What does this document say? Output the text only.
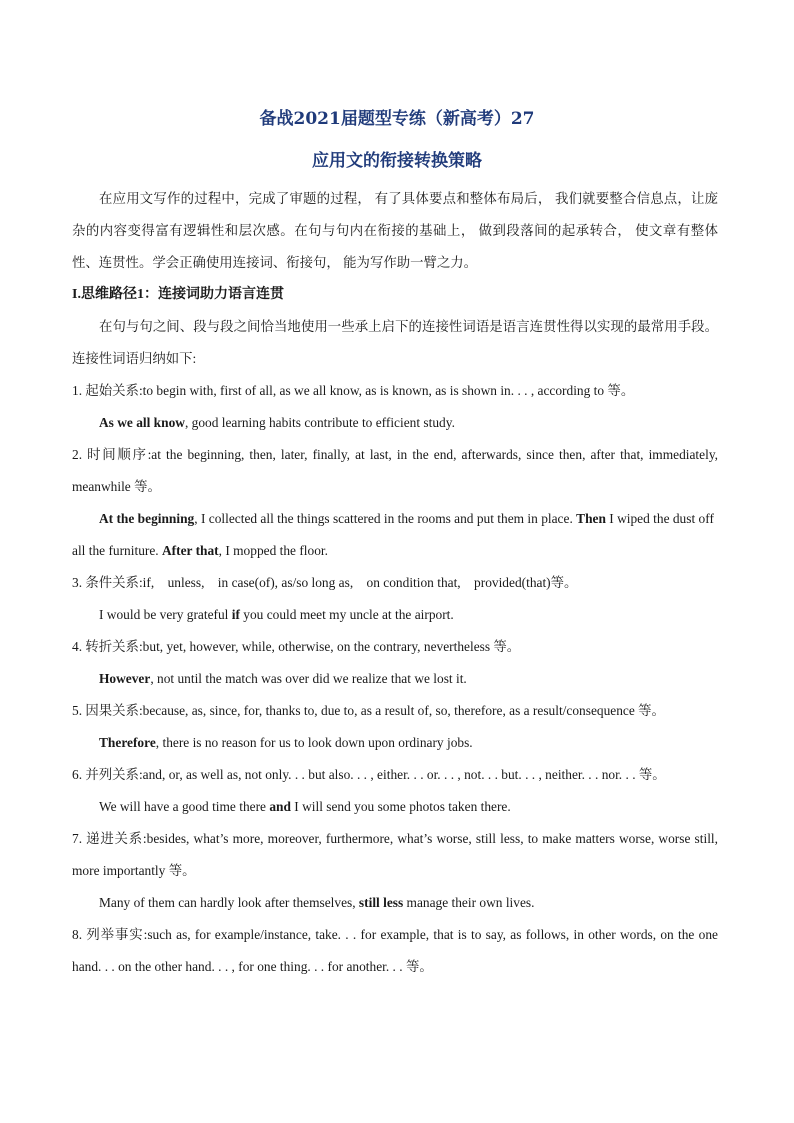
备战2021届题型专练（新高考）27
应用文的衔接转换策略

在应用文写作的过程中，完成了审题的过程， 有了具体要点和整体布局后， 我们就要整合信息点，让庞杂的内容变得富有逻辑性和层次感。在句与句内在衔接的基础上， 做到段落间的起承转合， 使文章有整体性、连贯性。学会正确使用连接词、衔接句， 能为写作助一臂之力。

I.思维路径1：连接词助力语言连贯

在句与句之间、段与段之间恰当地使用一些承上启下的连接性词语是语言连贯性得以实现的最常用手段。连接性词语归纳如下:

1. 起始关系:to begin with, first of all, as we all know, as is known, as is shown in. . . , according to 等。

As we all know, good learning habits contribute to efficient study.

2. 时间顺序:at the beginning, then, later, finally, at last, in the end, afterwards, since then, after that, immediately, meanwhile 等。

At the beginning, I collected all the things scattered in the rooms and put them in place. Then I wiped the dust off all the furniture. After that, I mopped the floor.

3. 条件关系:if,    unless,    in case(of), as/so long as,    on condition that,    provided(that)等。

I would be very grateful if you could meet my uncle at the airport.

4. 转折关系:but, yet, however, while, otherwise, on the contrary, nevertheless 等。

However, not until the match was over did we realize that we lost it.

5. 因果关系:because, as, since, for, thanks to, due to, as a result of, so, therefore, as a result/consequence 等。

Therefore, there is no reason for us to look down upon ordinary jobs.

6. 并列关系:and, or, as well as, not only. . . but also. . . , either. . . or. . . , not. . . but. . . , neither. . . nor. . . 等。

We will have a good time there and I will send you some photos taken there.

7. 递进关系:besides, what’s more, moreover, furthermore, what’s worse, still less, to make matters worse, worse still, more importantly 等。

Many of them can hardly look after themselves, still less manage their own lives.

8. 列举事实:such as, for example/instance, take. . . for example, that is to say, as follows, in other words, on the one hand. . . on the other hand. . . , for one thing. . . for another. . . 等。
